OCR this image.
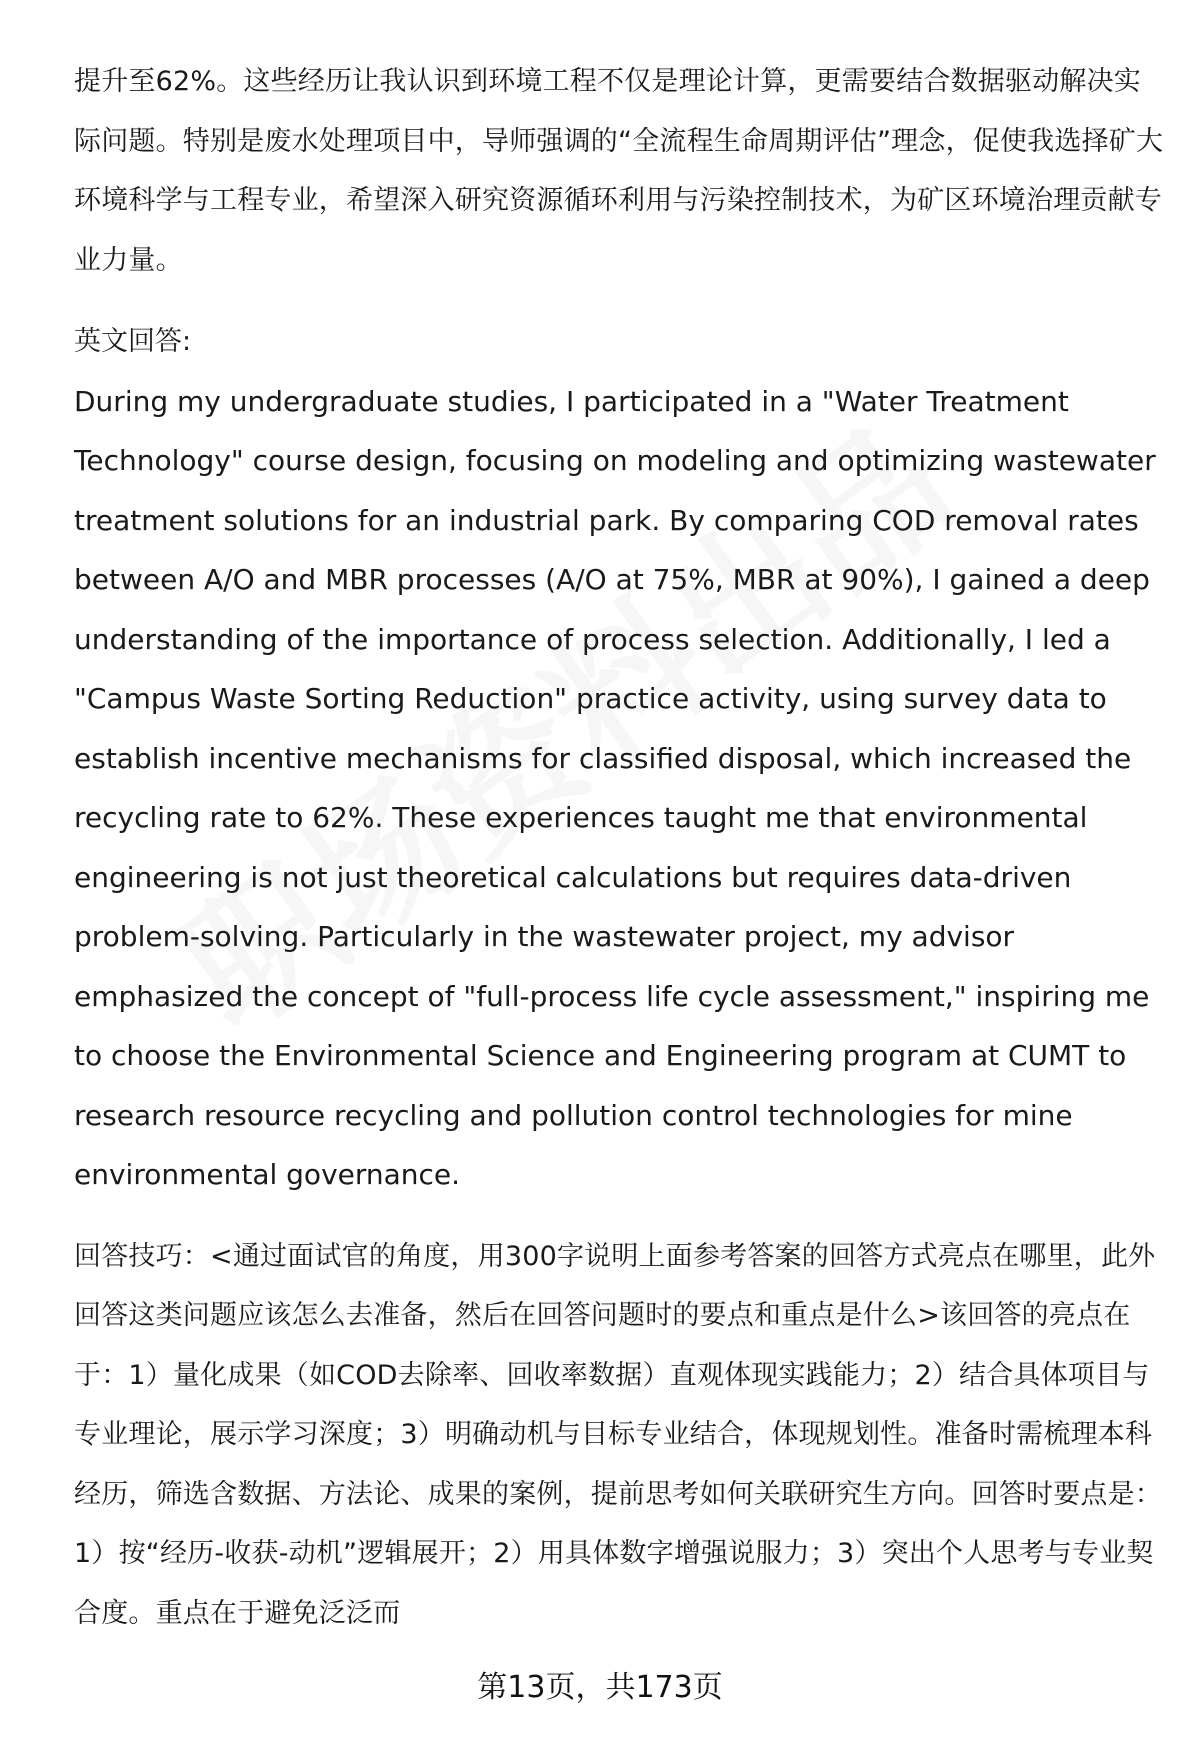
提升至62%。这些经历让我认识到环境工程不仅是理论计算，更需要结合数据驱动解决实际问题。特别是废水处理项目中，导师强调的“全流程生命周期评估”理念，促使我选择矿大环境科学与工程专业，希望深入研究资源循环利用与污染控制技术，为矿区环境治理贡献专业力量。

英文回答:

During my undergraduate studies, I participated in a "Water Treatment Technology" course design, focusing on modeling and optimizing wastewater treatment solutions for an industrial park. By comparing COD removal rates between A/O and MBR processes (A/O at 75%, MBR at 90%), I gained a deep understanding of the importance of process selection. Additionally, I led a "Campus Waste Sorting Reduction" practice activity, using survey data to establish incentive mechanisms for classified disposal, which increased the recycling rate to 62%. These experiences taught me that environmental engineering is not just theoretical calculations but requires data-driven problem-solving. Particularly in the wastewater project, my advisor emphasized the concept of "full-process life cycle assessment," inspiring me to choose the Environmental Science and Engineering program at CUMT to research resource recycling and pollution control technologies for mine environmental governance.

回答技巧：<通过面试官的角度，用300字说明上面参考答案的回答方式亮点在哪里，此外回答这类问题应该怎么去准备，然后在回答问题时的要点和重点是什么>该回答的亮点在于：1）量化成果（如COD去除率、回收率数据）直观体现实践能力；2）结合具体项目与专业理论，展示学习深度；3）明确动机与目标专业结合，体现规划性。准备时需梳理本科经历，筛选含数据、方法论、成果的案例，提前思考如何关联研究生方向。回答时要点是：1）按“经历-收获-动机”逻辑展开；2）用具体数字增强说服力；3）突出个人思考与专业契合度。重点在于避免泛泛而

第13页，共173页
